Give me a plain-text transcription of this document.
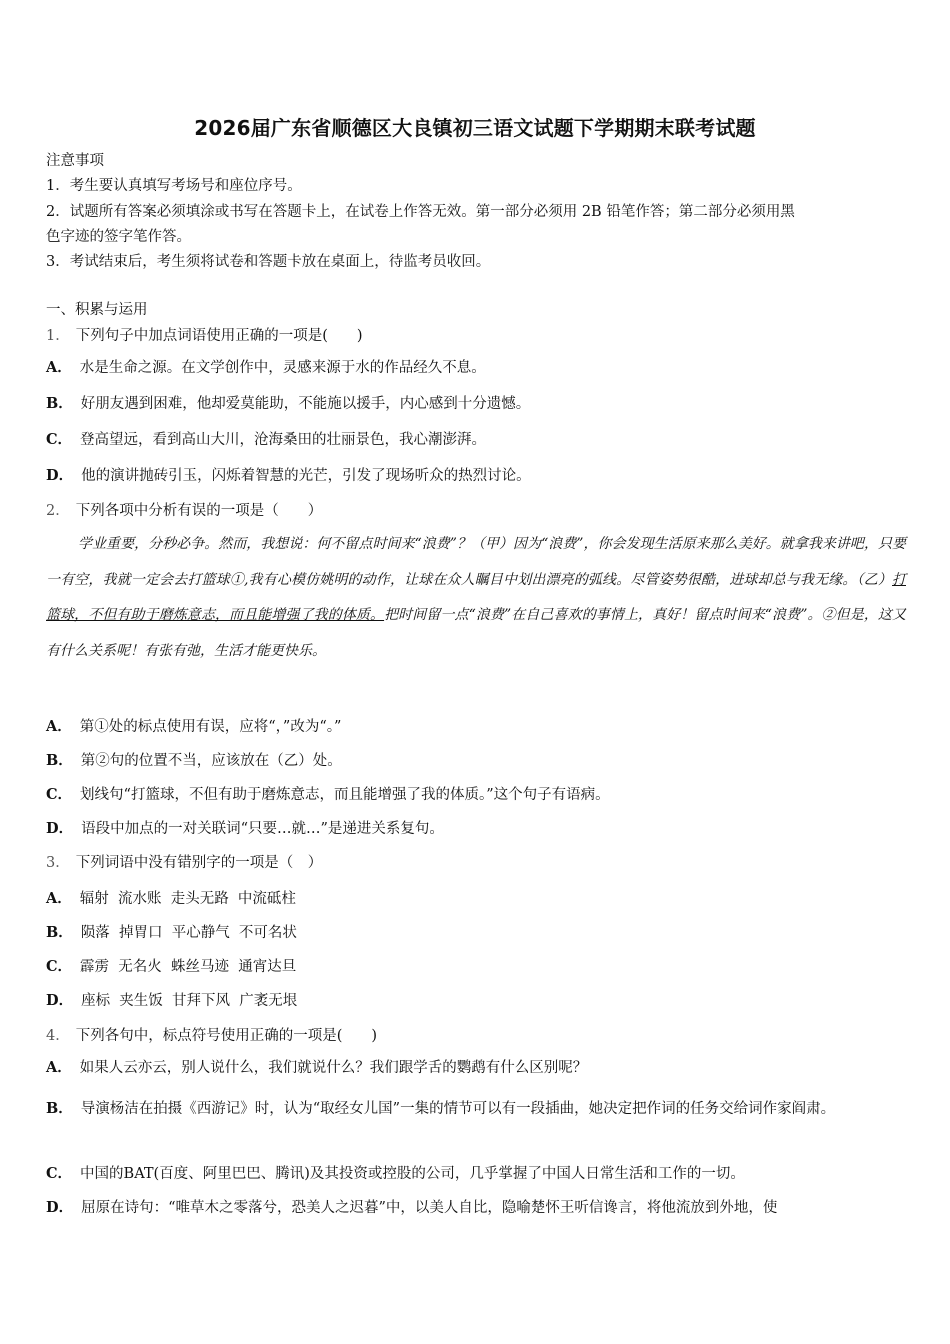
2026届广东省顺德区大良镇初三语文试题下学期期末联考试题
注意事项
1．考生要认真填写考场号和座位序号。
2．试题所有答案必须填涂或书写在答题卡上，在试卷上作答无效。第一部分必须用 2B 铅笔作答；第二部分必须用黑
色字迹的签字笔作答。
3．考试结束后，考生须将试卷和答题卡放在桌面上，待监考员收回。
一、积累与运用
1． 下列句子中加点词语使用正确的一项是(　　)
A． 水是生命之源。在文学创作中，灵感来源于水的作品经久不息。
B． 好朋友遇到困难，他却爱莫能助，不能施以援手，内心感到十分遗憾。
C． 登高望远，看到高山大川，沧海桑田的壮丽景色，我心潮澎湃。
D． 他的演讲抛砖引玉，闪烁着智慧的光芒，引发了现场听众的热烈讨论。
2． 下列各项中分析有误的一项是（　　）
学业重要，分秒必争。然而，我想说：何不留点时间来“浪费”？（甲）因为“浪费”，你会发现生活原来那么美好。就拿我来讲吧，只要一有空，我就一定会去打篮球①,我有心模仿姚明的动作，让球在众人瞩目中划出漂亮的弧线。尽管姿势很酷，进球却总与我无缘。（乙）打篮球，不但有助于磨炼意志，而且能增强了我的体质。把时间留一点“浪费”在自己喜欢的事情上，真好！留点时间来“浪费”。②但是，这又有什么关系呢！有张有弛，生活才能更快乐。
A． 第①处的标点使用有误，应将“，”改为“。”
B． 第②句的位置不当，应该放在（乙）处。
C． 划线句“打篮球，不但有助于磨炼意志，而且能增强了我的体质。”这个句子有语病。
D． 语段中加点的一对关联词“只要…就…”是递进关系复句。
3． 下列词语中没有错别字的一项是（　）
A． 辐射  流水账  走头无路  中流砥柱
B． 陨落  掉胃口  平心静气  不可名状
C． 霹雳  无名火  蛛丝马迹  通宵达旦
D． 座标  夹生饭  甘拜下风  广袤无垠
4． 下列各句中，标点符号使用正确的一项是(　　)
A． 如果人云亦云，别人说什么，我们就说什么？我们跟学舌的鹦鹉有什么区别呢？
B． 导演杨洁在拍摄《西游记》时，认为“取经女儿国”一集的情节可以有一段插曲，她决定把作词的任务交给词作家阎肃。
C． 中国的BAT(百度、阿里巴巴、腾讯)及其投资或控股的公司，几乎掌握了中国人日常生活和工作的一切。
D． 屈原在诗句：“唯草木之零落兮，恐美人之迟暮”中，以美人自比，隐喻楚怀王听信谗言，将他流放到外地，使
